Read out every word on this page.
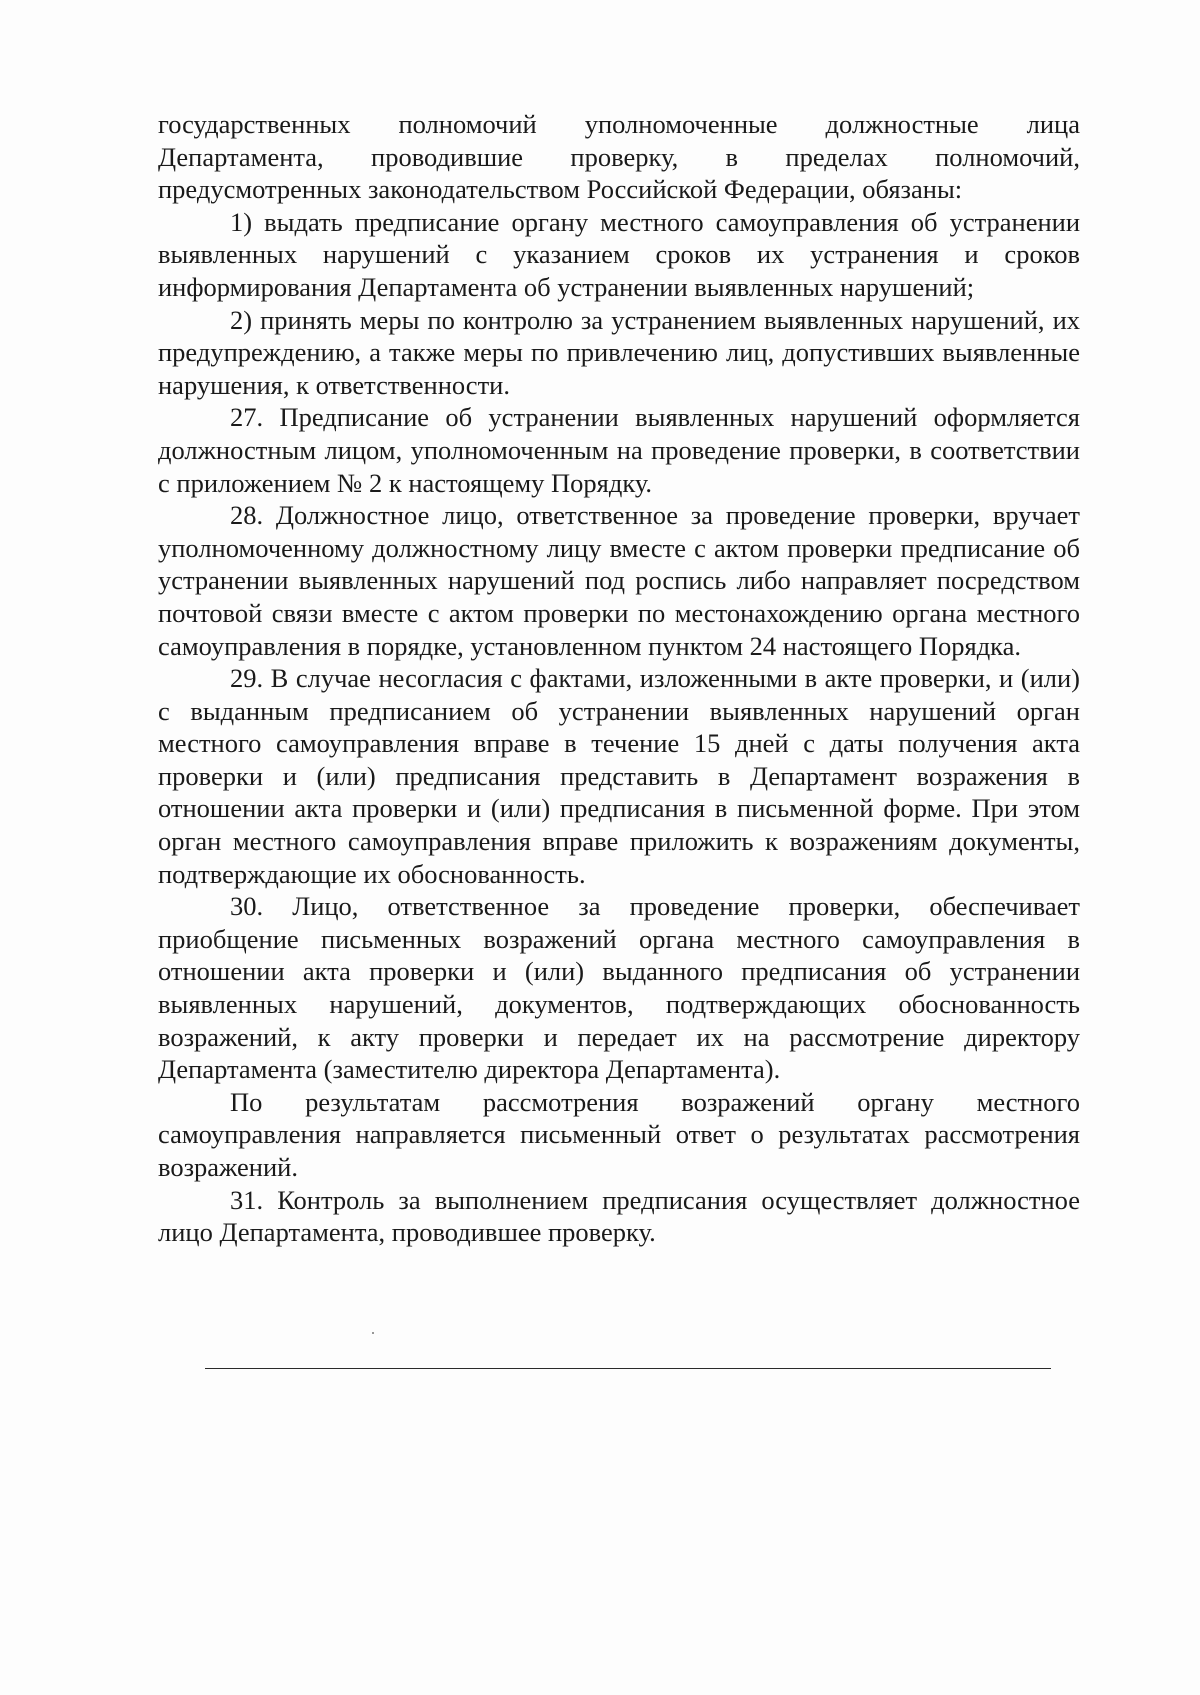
государственных полномочий уполномоченные должностные лица Департамента, проводившие проверку, в пределах полномочий, предусмотренных законодательством Российской Федерации, обязаны:

1) выдать предписание органу местного самоуправления об устранении выявленных нарушений с указанием сроков их устранения и сроков информирования Департамента об устранении выявленных нарушений;

2) принять меры по контролю за устранением выявленных нарушений, их предупреждению, а также меры по привлечению лиц, допустивших выявленные нарушения, к ответственности.

27. Предписание об устранении выявленных нарушений оформляется должностным лицом, уполномоченным на проведение проверки, в соответствии с приложением № 2 к настоящему Порядку.

28. Должностное лицо, ответственное за проведение проверки, вручает уполномоченному должностному лицу вместе с актом проверки предписание об устранении выявленных нарушений под роспись либо направляет посредством почтовой связи вместе с актом проверки по местонахождению органа местного самоуправления в порядке, установленном пунктом 24 настоящего Порядка.

29. В случае несогласия с фактами, изложенными в акте проверки, и (или) с выданным предписанием об устранении выявленных нарушений орган местного самоуправления вправе в течение 15 дней с даты получения акта проверки и (или) предписания представить в Департамент возражения в отношении акта проверки и (или) предписания в письменной форме. При этом орган местного самоуправления вправе приложить к возражениям документы, подтверждающие их обоснованность.

30. Лицо, ответственное за проведение проверки, обеспечивает приобщение письменных возражений органа местного самоуправления в отношении акта проверки и (или) выданного предписания об устранении выявленных нарушений, документов, подтверждающих обоснованность возражений, к акту проверки и передает их на рассмотрение директору Департамента (заместителю директора Департамента).

По результатам рассмотрения возражений органу местного самоуправления направляется письменный ответ о результатах рассмотрения возражений.

31. Контроль за выполнением предписания осуществляет должностное лицо Департамента, проводившее проверку.
